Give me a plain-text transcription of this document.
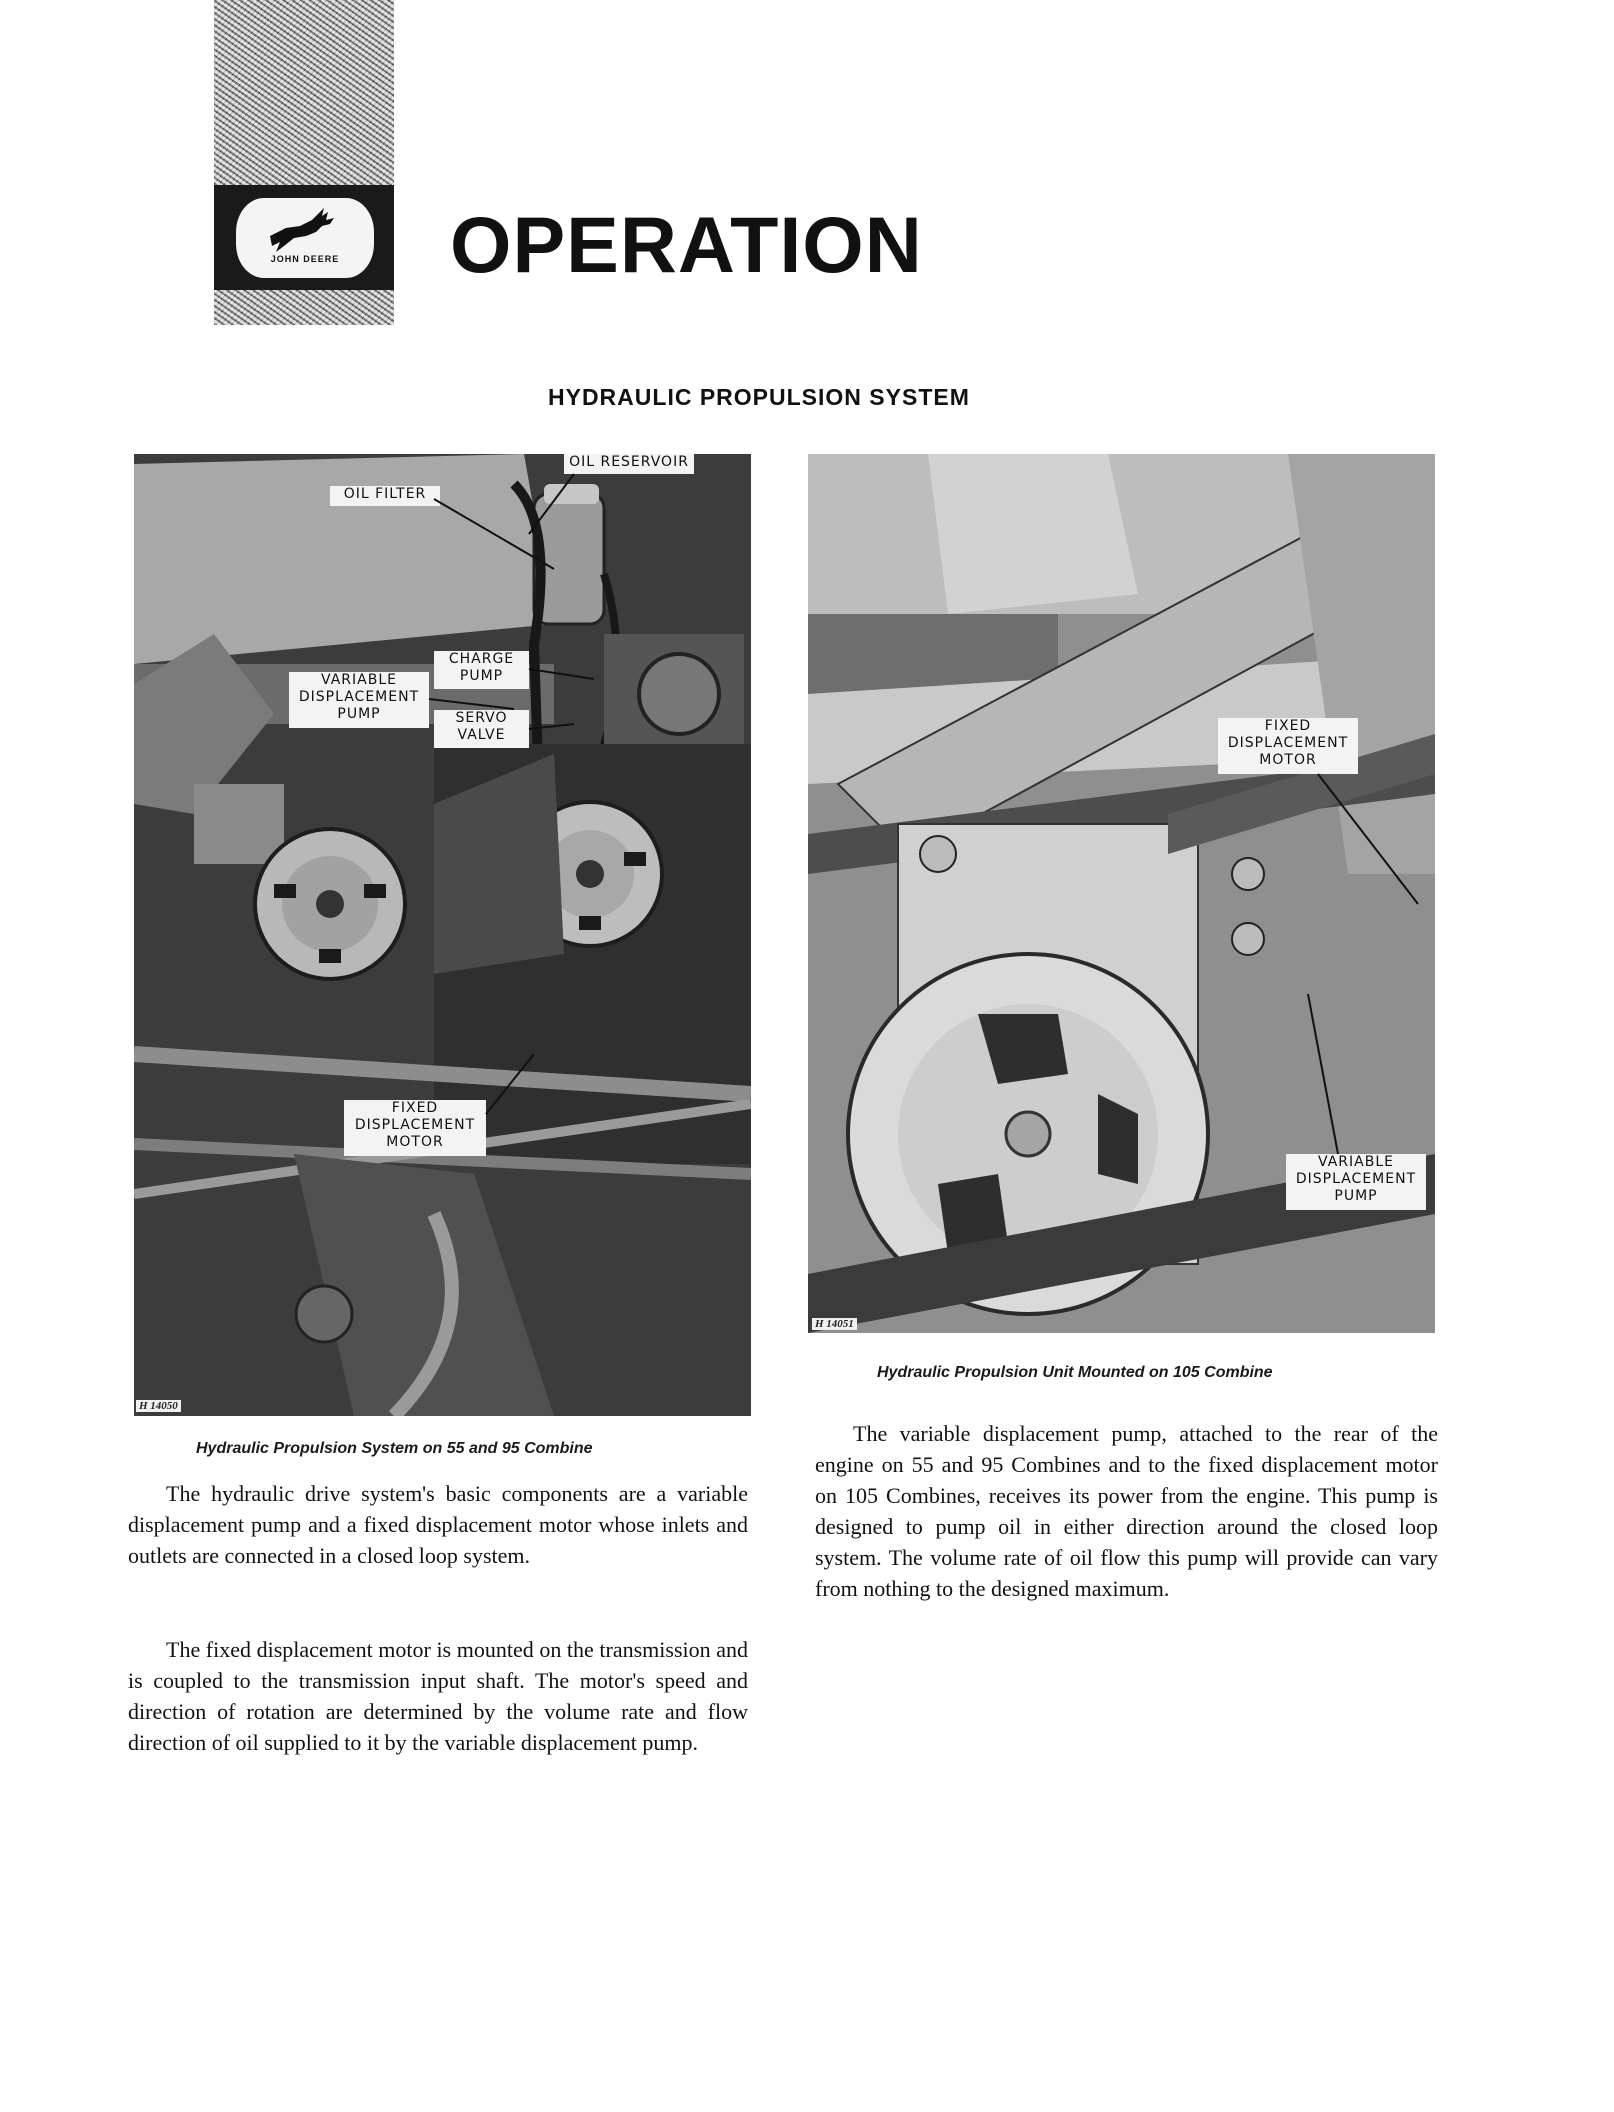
JOHN DEERE	OPERATION
HYDRAULIC PROPULSION SYSTEM
OIL RESERVOIR
OIL FILTER
CHARGE PUMP
VARIABLE
DISPLACEMENT
PUMP	SERVO VALVE
FIXED
DISPLACEMENT
MOTOR
H 14050
Hydraulic Propulsion System on 55 and 95 Combine
FIXED
DISPLACEMENT
MOTOR
VARIABLE
DISPLACEMENT
PUMP
H 14051
Hydraulic Propulsion Unit Mounted on 105 Combine

The hydraulic drive system's basic components are a variable displacement pump and a fixed displacement motor whose inlets and outlets are connected in a closed loop system.

The fixed displacement motor is mounted on the transmission and is coupled to the transmission input shaft. The motor's speed and direction of rotation are determined by the volume rate and flow direction of oil supplied to it by the variable displacement pump.

The variable displacement pump, attached to the rear of the engine on 55 and 95 Combines and to the fixed displacement motor on 105 Combines, receives its power from the engine. This pump is designed to pump oil in either direction around the closed loop system. The volume rate of oil flow this pump will provide can vary from nothing to the designed maximum.
